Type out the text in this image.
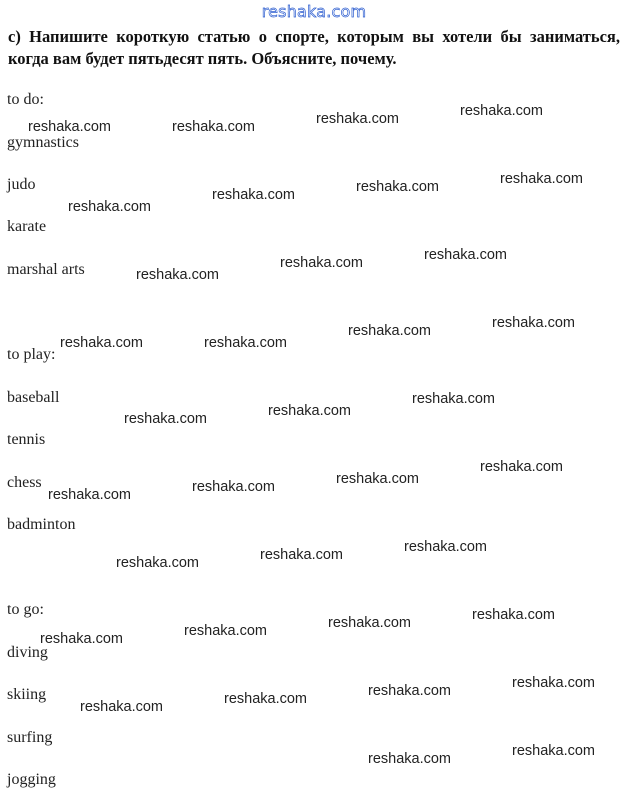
reshaka.com
c) Напишите короткую статью о спорте, которым вы хотели бы заниматься, когда вам будет пятьдесят пять. Объясните, почему.
to do:
gymnastics
judo
karate
marshal arts
to play:
baseball
tennis
chess
badminton
to go:
diving
skiing
surfing
jogging
reshaka.com
reshaka.com
reshaka.com
reshaka.com
reshaka.com
reshaka.com
reshaka.com
reshaka.com
reshaka.com
reshaka.com
reshaka.com
reshaka.com
reshaka.com
reshaka.com
reshaka.com
reshaka.com
reshaka.com
reshaka.com
reshaka.com
reshaka.com
reshaka.com
reshaka.com
reshaka.com
reshaka.com
reshaka.com
reshaka.com
reshaka.com
reshaka.com
reshaka.com
reshaka.com
reshaka.com
reshaka.com
reshaka.com
reshaka.com
reshaka.com
